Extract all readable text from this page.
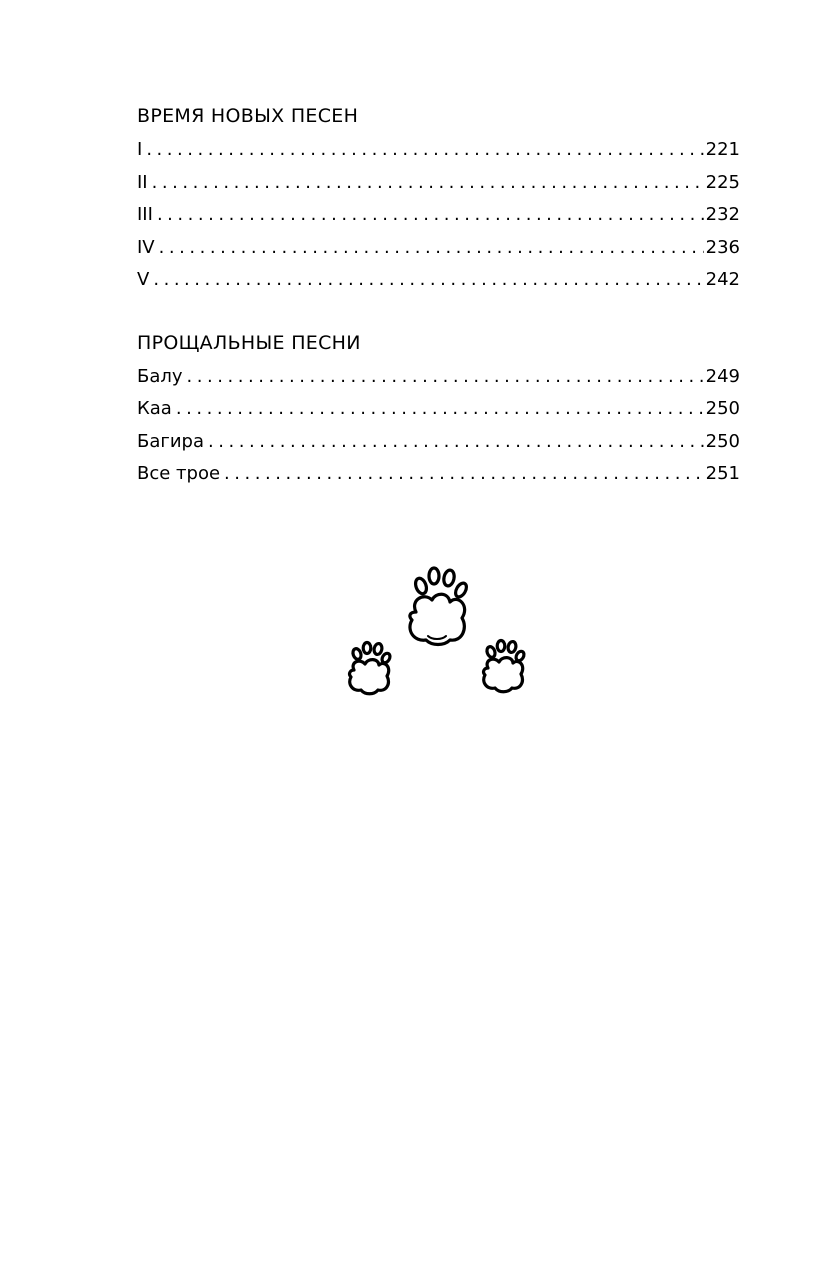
ВРЕМЯ НОВЫХ ПЕСЕН
I . . .	221
II . . .	225
III . . .	232
IV . . .	236
V . . .	242
ПРОЩАЛЬНЫЕ ПЕСНИ
Балу . . .	249
Каа . . .	250
Багира . . .	250
Все трое . . .	251
